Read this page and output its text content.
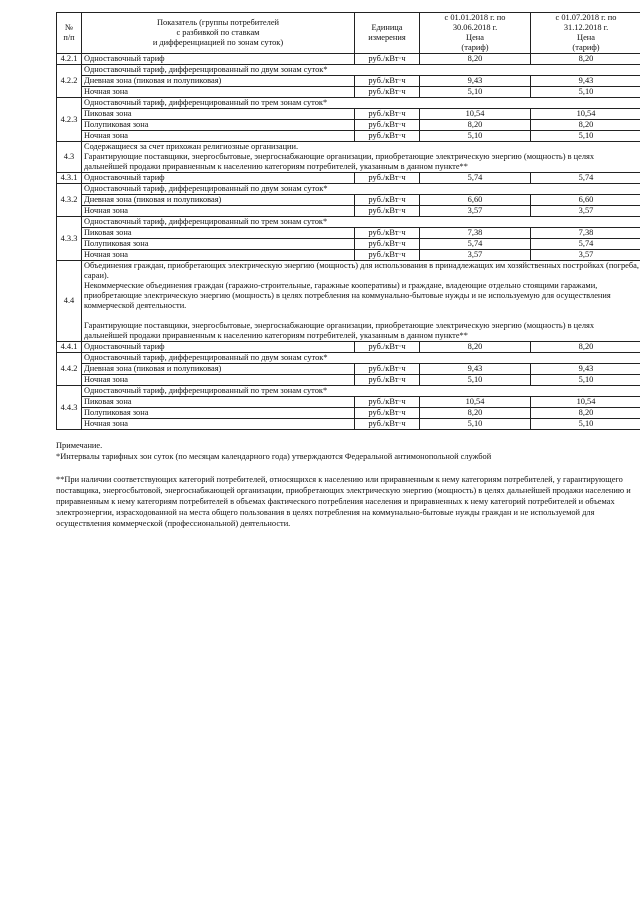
№
п/п	Показатель (группы потребителей
с разбивкой по ставкам
и дифференциацией по зонам суток)	Единица
измерения	с 01.01.2018 г. по
30.06.2018 г.
Цена
(тариф)	с 01.07.2018 г. по
31.12.2018 г.
Цена
(тариф)

4.2.1	Одноставочный тариф	руб./кВт·ч	8,20	8,20
4.2.2	Одноставочный тариф, дифференцированный по двум зонам суток*			
	Дневная зона (пиковая и полупиковая)	руб./кВт·ч	9,43	9,43
	Ночная зона	руб./кВт·ч	5,10	5,10
4.2.3	Одноставочный тариф, дифференцированный по трем зонам суток*			
	Пиковая зона	руб./кВт·ч	10,54	10,54
	Полупиковая зона	руб./кВт·ч	8,20	8,20
	Ночная зона	руб./кВт·ч	5,10	5,10
4.3	Содержащиеся за счет прихожан религиозные организации.

Гарантирующие поставщики, энергосбытовые, энергоснабжающие организации, приобретающие электрическую энергию (мощность) в целях дальнейшей продажи приравненным к населению категориям потребителей, указанным в данном пункте**			

4.3.1	Одноставочный тариф	руб./кВт·ч	5,74	5,74
4.3.2	Одноставочный тариф, дифференцированный по двум зонам суток*			
	Дневная зона (пиковая и полупиковая)	руб./кВт·ч	6,60	6,60
	Ночная зона	руб./кВт·ч	3,57	3,57
4.3.3	Одноставочный тариф, дифференцированный по трем зонам суток*			
	Пиковая зона	руб./кВт·ч	7,38	7,38
	Полупиковая зона	руб./кВт·ч	5,74	5,74
	Ночная зона	руб./кВт·ч	3,57	3,57
4.4	Объединения граждан, приобретающих электрическую энергию (мощность) для использования в принадлежащих им хозяйственных постройках (погреба, сараи).

Некоммерческие объединения граждан (гаражно-строительные, гаражные кооперативы) и граждане, владеющие отдельно стоящими гаражами, приобретающие электрическую энергию (мощность) в целях потребления на коммунально-бытовые нужды и не используемую для осуществления коммерческой деятельности.

Гарантирующие поставщики, энергосбытовые, энергоснабжающие организации, приобретающие электрическую энергию (мощность) в целях дальнейшей продажи приравненным к населению категориям потребителей, указанным в данном пункте**			

4.4.1	Одноставочный тариф	руб./кВт·ч	8,20	8,20
4.4.2	Одноставочный тариф, дифференцированный по двум зонам суток*			
	Дневная зона (пиковая и полупиковая)	руб./кВт·ч	9,43	9,43
	Ночная зона	руб./кВт·ч	5,10	5,10
4.4.3	Одноставочный тариф, дифференцированный по трем зонам суток*			
	Пиковая зона	руб./кВт·ч	10,54	10,54
	Полупиковая зона	руб./кВт·ч	8,20	8,20
	Ночная зона	руб./кВт·ч	5,10	5,10

Примечание.

*Интервалы тарифных зон суток (по месяцам календарного года) утверждаются Федеральной антимонопольной службой

**При наличии соответствующих категорий потребителей, относящихся к населению или приравненным к нему категориям потребителей, у гарантирующего поставщика, энергосбытовой, энергоснабжающей организации, приобретающих электрическую энергию (мощность) в целях дальнейшей продажи населению и приравненным к нему категориям потребителей в объемах фактического потребления населения и приравненных к нему категорий потребителей и объемах электроэнергии, израсходованной на места общего пользования в целях потребления на коммунально-бытовые нужды граждан и не используемой для осуществления коммерческой (профессиональной) деятельности.
